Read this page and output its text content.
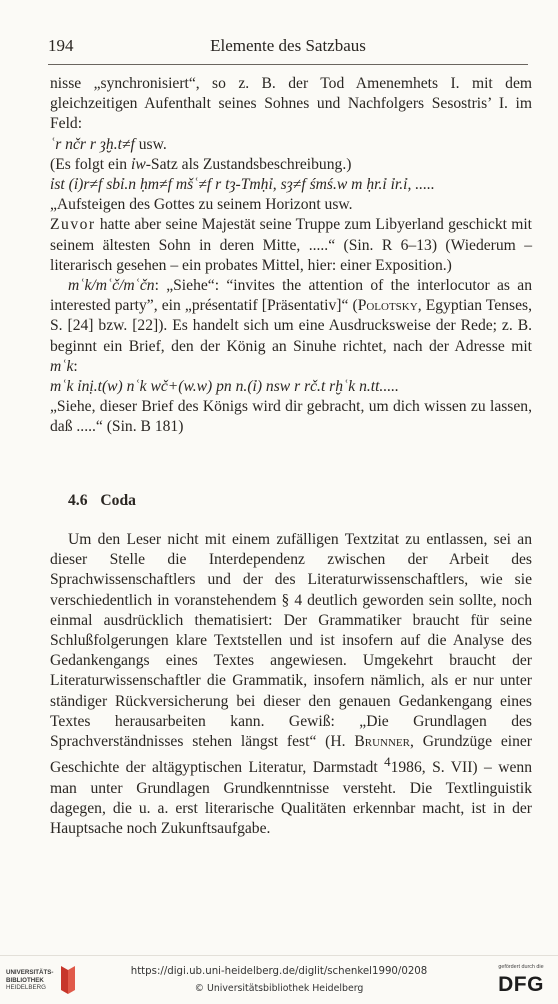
194	Elemente des Satzbaus

nisse „synchronisiert“, so z. B. der Tod Amenemhets I. mit dem gleichzeitigen Aufenthalt seines Sohnes und Nachfolgers Sesostris’ I. im Feld:

ʿr nčr r ȝḫ.t≠f usw.

(Es folgt ein ỉw-Satz als Zustandsbeschreibung.)

ỉst (ỉ)r≠f sbỉ.n ḥm≠f mšʿ≠f r tȝ-Tmḥỉ, sȝ≠f śmś.w m ḥr.ỉ ỉr.ỉ, .....

„Aufsteigen des Gottes zu seinem Horizont usw.

Zuvor hatte aber seine Majestät seine Truppe zum Libyerland geschickt mit seinem ältesten Sohn in deren Mitte, .....“ (Sin. R 6–13) (Wiederum – literarisch gesehen – ein probates Mittel, hier: einer Exposition.)

mʿk/mʿč/mʿčn: „Siehe“: “invites the attention of the interlocutor as an interested party”, ein „présentatif [Präsentativ]“ (Polotsky, Egyptian Tenses, S. [24] bzw. [22]). Es handelt sich um eine Ausdrucksweise der Rede; z. B. beginnt ein Brief, den der König an Sinuhe richtet, nach der Adresse mit mʿk:

mʿk ỉnị.t(w) nʿk wč+(w.w) pn n.(ỉ) nsw r rč.t rḫʿk n.tt.....

„Siehe, dieser Brief des Königs wird dir gebracht, um dich wissen zu lassen, daß .....“ (Sin. B 181)

4.6 Coda

Um den Leser nicht mit einem zufälligen Textzitat zu entlassen, sei an dieser Stelle die Interdependenz zwischen der Arbeit des Sprachwissenschaftlers und der des Literaturwissenschaftlers, wie sie verschiedentlich in voranstehendem § 4 deutlich geworden sein sollte, noch einmal ausdrücklich thematisiert: Der Grammatiker braucht für seine Schlußfolgerungen klare Textstellen und ist insofern auf die Analyse des Gedankengangs eines Textes angewiesen. Umgekehrt braucht der Literaturwissenschaftler die Grammatik, insofern nämlich, als er nur unter ständiger Rückversicherung bei dieser den genauen Gedankengang eines Textes herausarbeiten kann. Gewiß: „Die Grundlagen des Sprachverständnisses stehen längst fest“ (H. Brunner, Grundzüge einer Geschichte der altägyptischen Literatur, Darmstadt $^4$1986, S. VII) – wenn man unter Grundlagen Grundkenntnisse versteht. Die Textlinguistik dagegen, die u. a. erst literarische Qualitäten erkennbar macht, ist in der Hauptsache noch Zukunftsaufgabe.

UNIVERSITÄTS-
BIBLIOTHEK
HEIDELBERG
https://digi.ub.uni-heidelberg.de/diglit/schenkel1990/0208
© Universitätsbibliothek Heidelberg
gefördert durch die
DFG
